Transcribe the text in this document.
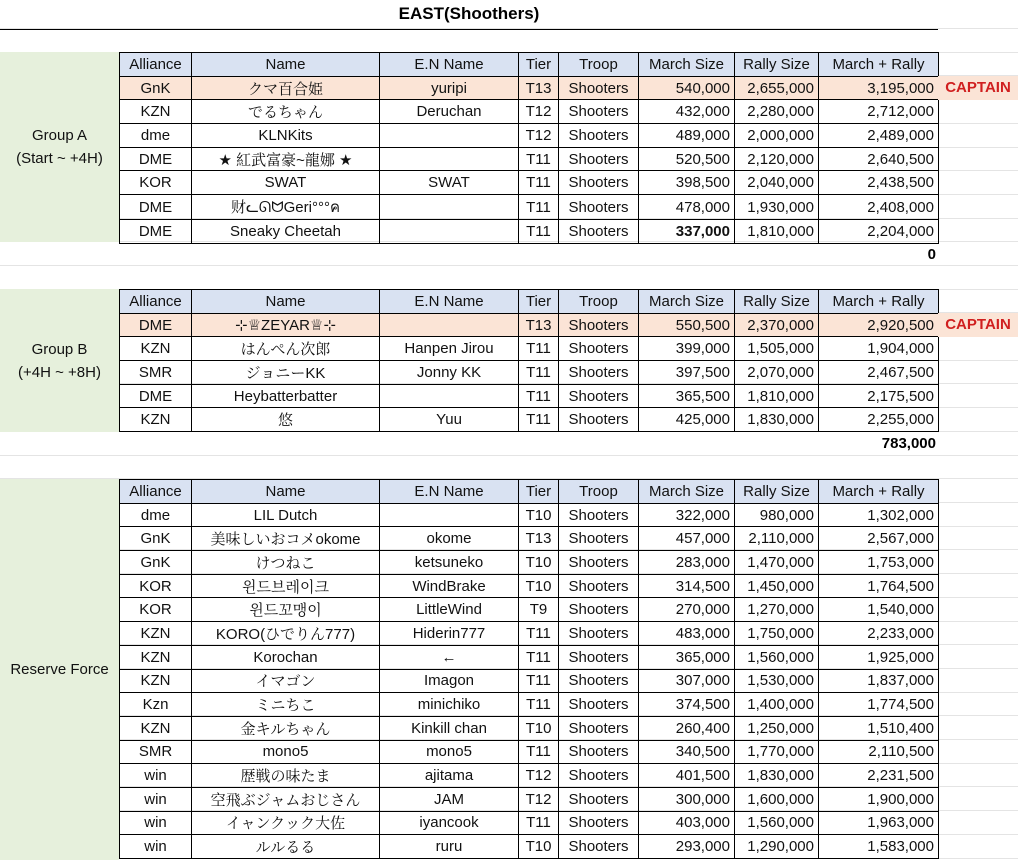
EAST(Shoothers)
Group A
(Start ~ +4H)
Alliance	Name	E.N Name	Tier	Troop	March Size	Rally Size	March + Rally
GnK	クマ百合姫	yuripi	T13	Shooters	540,000	2,655,000	3,195,000
KZN	でるちゃん	Deruchan	T12	Shooters	432,000	2,280,000	2,712,000
dme	KLNKits		T12	Shooters	489,000	2,000,000	2,489,000
DME	★ 紅武富豪~龍娜 ★		T11	Shooters	520,500	2,120,000	2,640,500
KOR	SWAT	SWAT	T11	Shooters	398,500	2,040,000	2,438,500
DME	财ᓚᘏᗢGeri°°°ค		T11	Shooters	478,000	1,930,000	2,408,000
DME	Sneaky Cheetah		T11	Shooters	337,000	1,810,000	2,204,000
CAPTAIN
0
Group B
(+4H ~ +8H)
Alliance	Name	E.N Name	Tier	Troop	March Size	Rally Size	March + Rally
DME	⊹♕ZEYAR♕⊹		T13	Shooters	550,500	2,370,000	2,920,500
KZN	はんぺん次郎	Hanpen Jirou	T11	Shooters	399,000	1,505,000	1,904,000
SMR	ジョニーKK	Jonny KK	T11	Shooters	397,500	2,070,000	2,467,500
DME	Heybatterbatter		T11	Shooters	365,500	1,810,000	2,175,500
KZN	悠	Yuu	T11	Shooters	425,000	1,830,000	2,255,000
CAPTAIN
783,000
Reserve Force
Alliance	Name	E.N Name	Tier	Troop	March Size	Rally Size	March + Rally
dme	LIL Dutch		T10	Shooters	322,000	980,000	1,302,000
GnK	美味しいおコメokome	okome	T13	Shooters	457,000	2,110,000	2,567,000
GnK	けつねこ	ketsuneko	T10	Shooters	283,000	1,470,000	1,753,000
KOR	윈드브레이크	WindBrake	T10	Shooters	314,500	1,450,000	1,764,500
KOR	윈드꼬맹이	LittleWind	T9	Shooters	270,000	1,270,000	1,540,000
KZN	KORO(ひでりん777)	Hiderin777	T11	Shooters	483,000	1,750,000	2,233,000
KZN	Korochan	←	T11	Shooters	365,000	1,560,000	1,925,000
KZN	イマゴン	Imagon	T11	Shooters	307,000	1,530,000	1,837,000
Kzn	ミニちこ	minichiko	T11	Shooters	374,500	1,400,000	1,774,500
KZN	金キルちゃん	Kinkill chan	T10	Shooters	260,400	1,250,000	1,510,400
SMR	mono5	mono5	T11	Shooters	340,500	1,770,000	2,110,500
win	歴戦の味たま	ajitama	T12	Shooters	401,500	1,830,000	2,231,500
win	空飛ぶジャムおじさん	JAM	T12	Shooters	300,000	1,600,000	1,900,000
win	イャンクック大佐	iyancook	T11	Shooters	403,000	1,560,000	1,963,000
win	ルルるる	ruru	T10	Shooters	293,000	1,290,000	1,583,000
